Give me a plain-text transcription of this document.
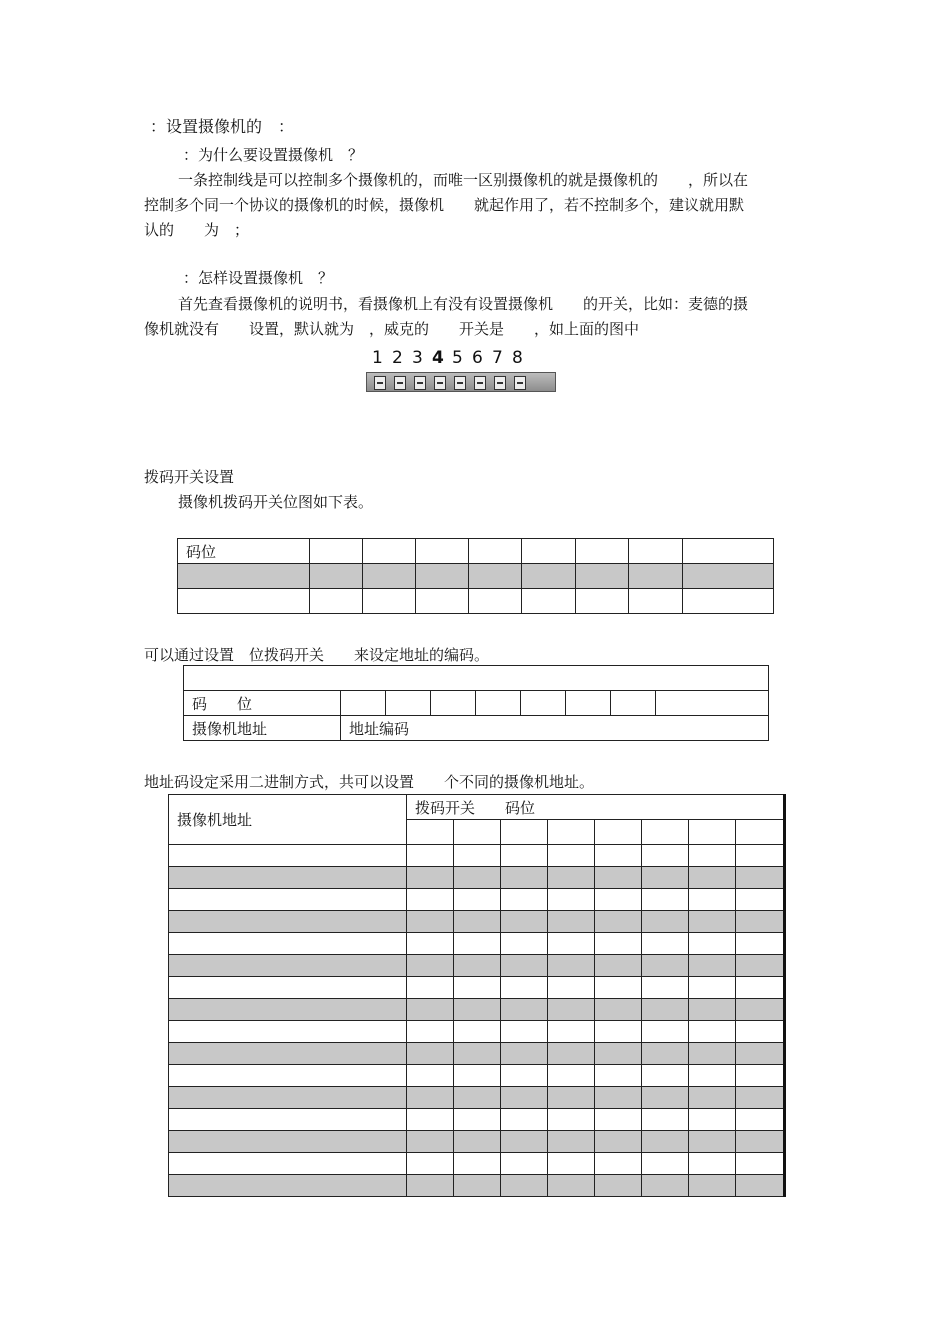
：设置摄像机的　：
：为什么要设置摄像机　？
一条控制线是可以控制多个摄像机的，而唯一区别摄像机的就是摄像机的　　，所以在
控制多个同一个协议的摄像机的时候，摄像机　　就起作用了，若不控制多个，建议就用默
认的　　为　；
：怎样设置摄像机　？
首先查看摄像机的说明书，看摄像机上有没有设置摄像机　　的开关，比如：麦德的摄
像机就没有　　设置，默认就为　，威克的　　开关是　　，如上面的图中
1 2 3 4 5 6 7 8
拨码开关设置
摄像机拨码开关位图如下表。
码位								

可以通过设置　位拨码开关　　来设定地址的编码。

码　　位								
摄像机地址	地址编码							
地址码设定采用二进制方式，共可以设置　　个不同的摄像机地址。
摄像机地址	拨码开关　　码位							
